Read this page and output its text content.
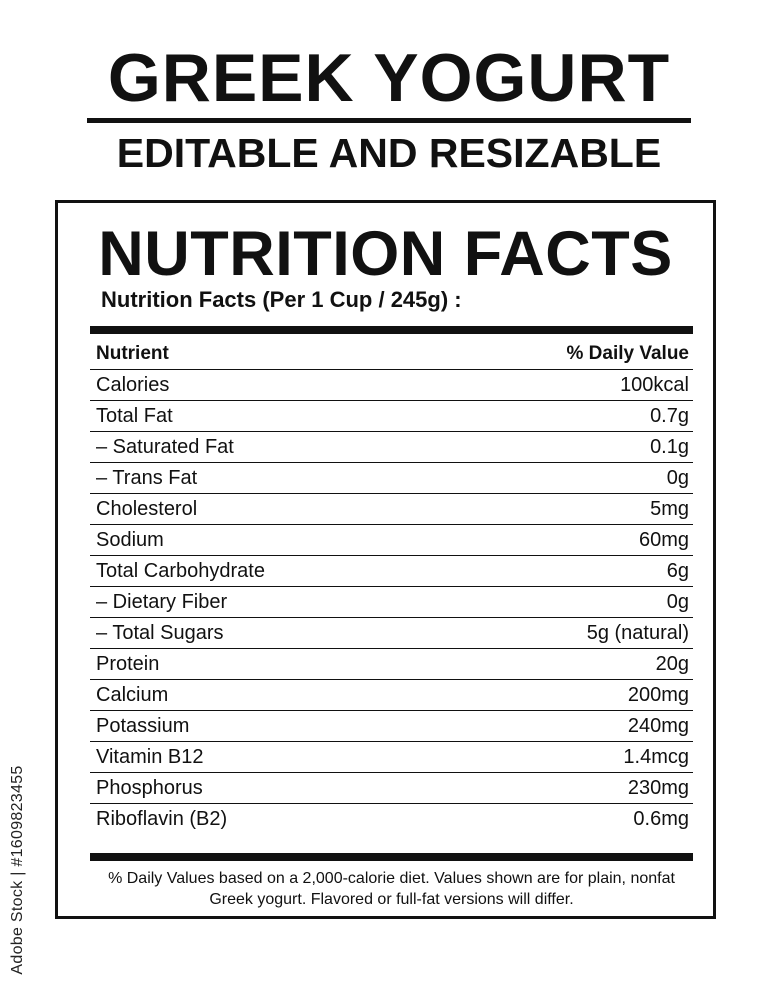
GREEK YOGURT
EDITABLE AND RESIZABLE
NUTRITION FACTS

Nutrition Facts (Per 1 Cup / 245g) :

Nutrient	% Daily Value
Calories	100kcal
Total Fat	0.7g
– Saturated Fat	0.1g
– Trans Fat	0g
Cholesterol	5mg
Sodium	60mg
Total Carbohydrate	6g
– Dietary Fiber	0g
– Total Sugars	5g (natural)
Protein	20g
Calcium	200mg
Potassium	240mg
Vitamin B12	1.4mcg
Phosphorus	230mg
Riboflavin (B2)	0.6mg

% Daily Values based on a 2,000-calorie diet. Values shown are for plain, nonfat Greek yogurt. Flavored or full-fat versions will differ.

Adobe Stock | #1609823455
